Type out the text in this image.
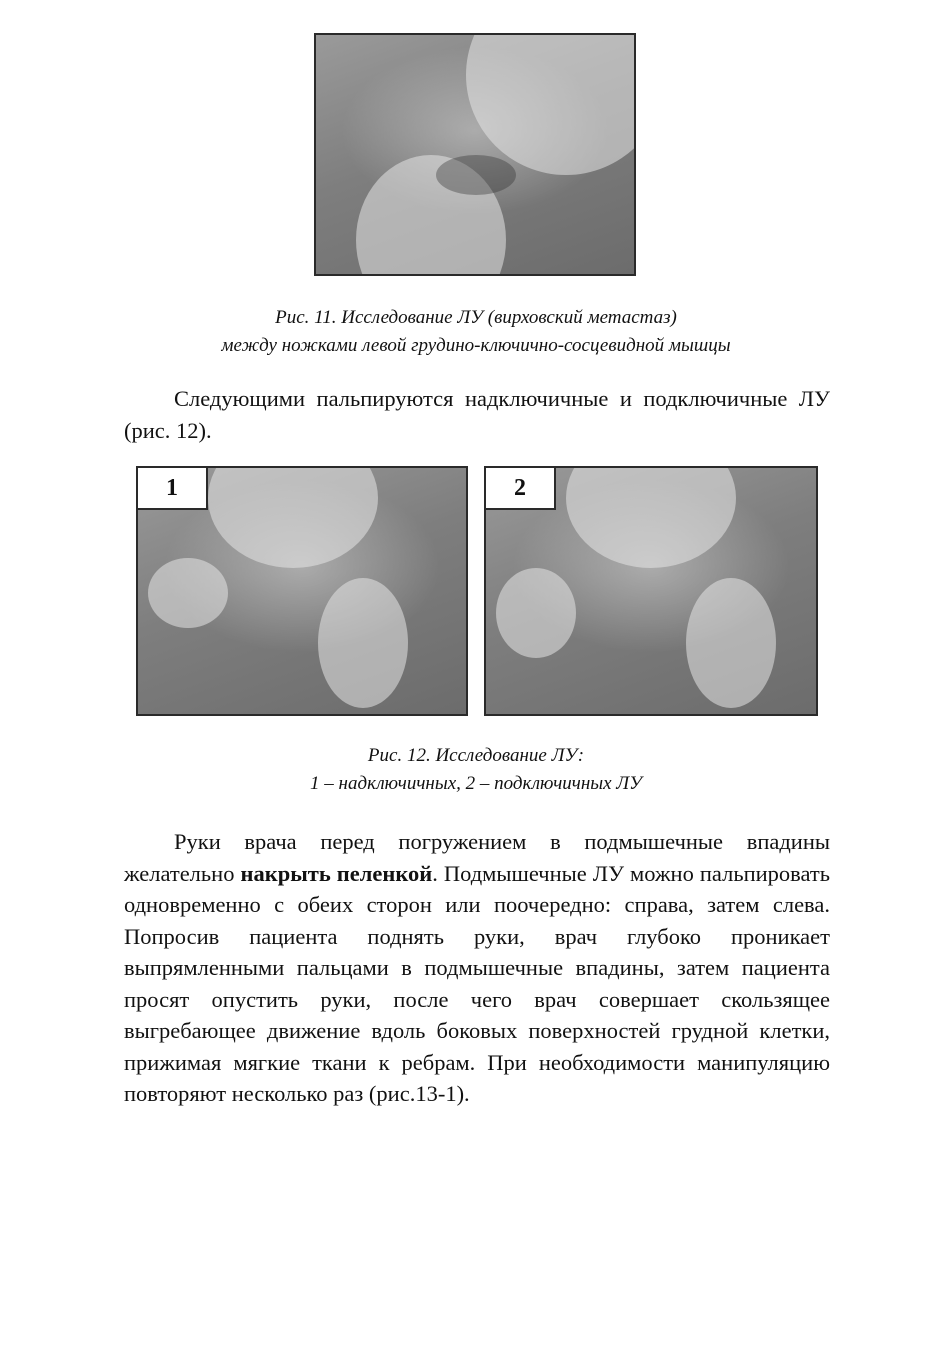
Рис. 11. Исследование ЛУ (вирховский метастаз)
между ножками левой грудино-ключично-сосцевидной мышцы
Следующими пальпируются надключичные и подключичные ЛУ (рис. 12).
1	2
Рис. 12. Исследование ЛУ:
1 – надключичных, 2 – подключичных ЛУ
Руки врача перед погружением в подмышечные впадины желательно накрыть пеленкой. Подмышечные ЛУ можно пальпировать одновременно с обеих сторон или поочередно: справа, затем слева. Попросив пациента поднять руки, врач глубоко проникает выпрямленными пальцами в подмышечные впадины, затем пациента просят опустить руки, после чего врач совершает скользящее выгребающее движение вдоль боковых поверхностей грудной клетки, прижимая мягкие ткани к ребрам. При необходимости манипуляцию повторяют несколько раз (рис.13-1).
